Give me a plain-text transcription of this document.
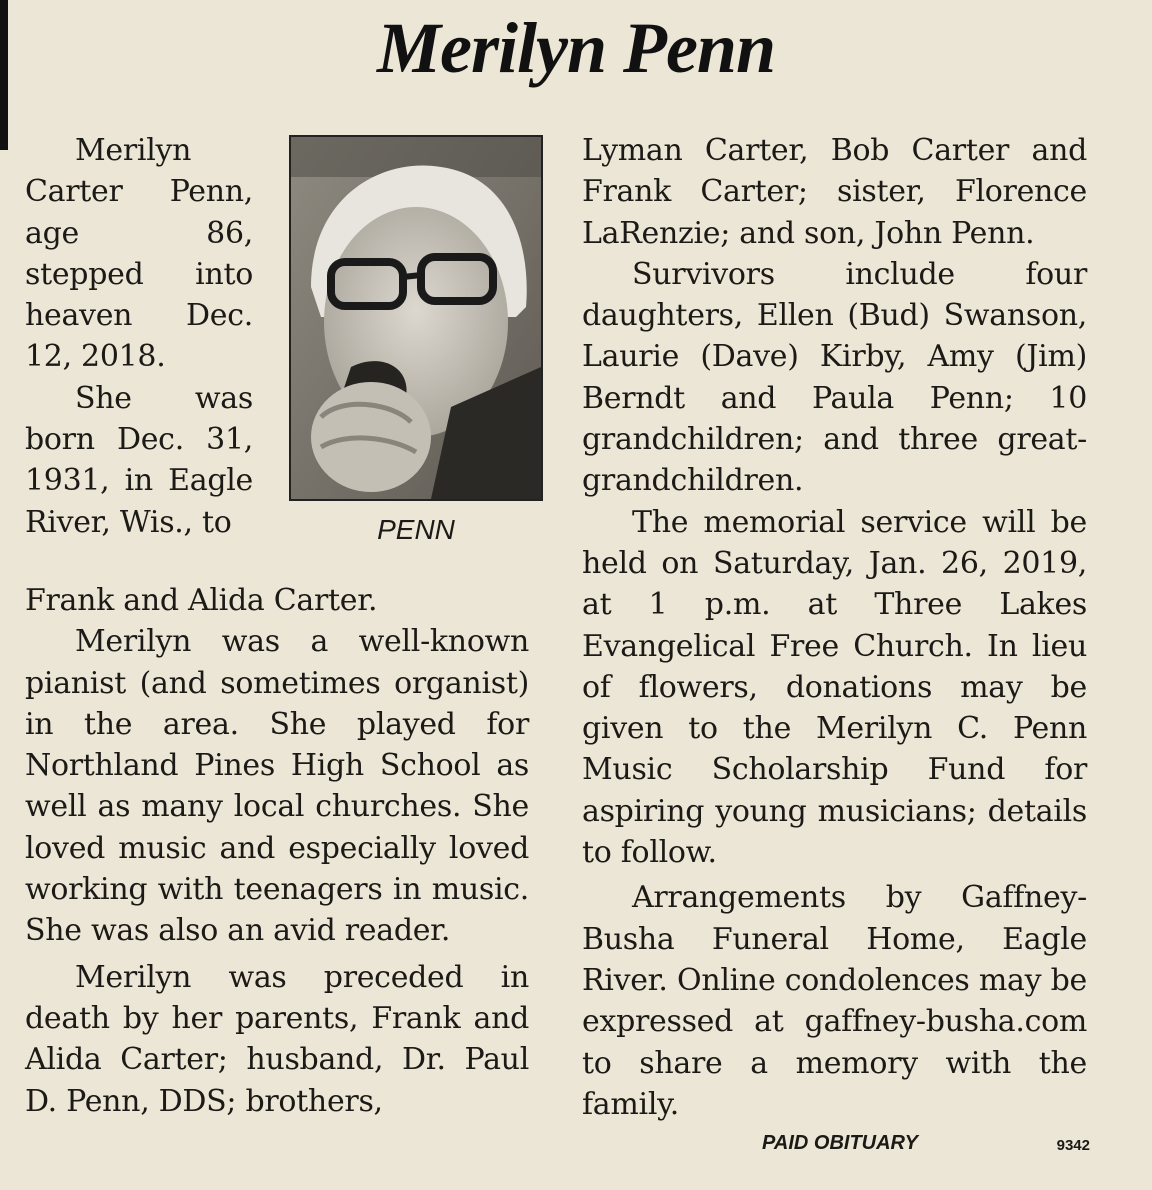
Merilyn Penn

Merilyn Carter Penn, age 86, stepped into heaven Dec. 12, 2018.

She was born Dec. 31, 1931, in Eagle River, Wis., to	PENN

Frank and Alida Carter.

Merilyn was a well-known pianist (and sometimes organist) in the area. She played for Northland Pines High School as well as many local churches. She loved music and especially loved working with teenagers in music. She was also an avid reader.

Merilyn was preceded in death by her parents, Frank and Alida Carter; husband, Dr. Paul D. Penn, DDS; brothers,

Lyman Carter, Bob Carter and Frank Carter; sister, Florence LaRenzie; and son, John Penn.

Survivors include four daughters, Ellen (Bud) Swanson, Laurie (Dave) Kirby, Amy (Jim) Berndt and Paula Penn; 10 grandchildren; and three great-grandchildren.

The memorial service will be held on Saturday, Jan. 26, 2019, at 1 p.m. at Three Lakes Evangelical Free Church. In lieu of flowers, donations may be given to the Merilyn C. Penn Music Scholarship Fund for aspiring young musicians; details to follow.

Arrangements by Gaffney-Busha Funeral Home, Eagle River. Online condolences may be expressed at gaffney-busha.com to share a memory with the family.

PAID OBITUARY	9342
